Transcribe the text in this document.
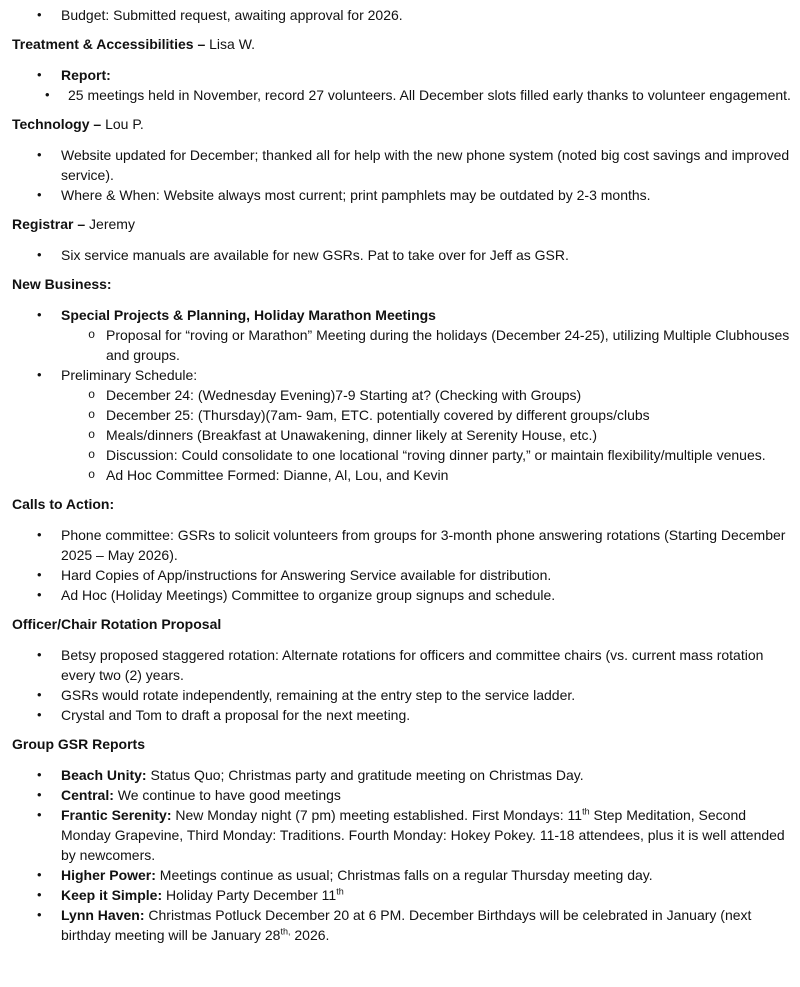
• Budget: Submitted request, awaiting approval for 2026.

Treatment & Accessibilities – Lisa W.

• Report:
• 25 meetings held in November, record 27 volunteers. All December slots filled early thanks to volunteer engagement.

Technology – Lou P.

• Website updated for December; thanked all for help with the new phone system (noted big cost savings and improved service).
• Where & When: Website always most current; print pamphlets may be outdated by 2-3 months.

Registrar – Jeremy

• Six service manuals are available for new GSRs. Pat to take over for Jeff as GSR.

New Business:

• Special Projects & Planning, Holiday Marathon Meetings
o Proposal for “roving or Marathon” Meeting during the holidays (December 24-25), utilizing Multiple Clubhouses and groups.
• Preliminary Schedule:
o December 24: (Wednesday Evening)7-9 Starting at? (Checking with Groups)
o December 25: (Thursday)(7am- 9am, ETC. potentially covered by different groups/clubs
o Meals/dinners (Breakfast at Unawakening, dinner likely at Serenity House, etc.)
o Discussion: Could consolidate to one locational “roving dinner party,” or maintain flexibility/multiple venues.
o Ad Hoc Committee Formed: Dianne, Al, Lou, and Kevin

Calls to Action:

• Phone committee: GSRs to solicit volunteers from groups for 3-month phone answering rotations (Starting December 2025 – May 2026).
• Hard Copies of App/instructions for Answering Service available for distribution.
• Ad Hoc (Holiday Meetings) Committee to organize group signups and schedule.

Officer/Chair Rotation Proposal

• Betsy proposed staggered rotation: Alternate rotations for officers and committee chairs (vs. current mass rotation every two (2) years.
• GSRs would rotate independently, remaining at the entry step to the service ladder.
• Crystal and Tom to draft a proposal for the next meeting.

Group GSR Reports

• Beach Unity: Status Quo; Christmas party and gratitude meeting on Christmas Day.
• Central: We continue to have good meetings
• Frantic Serenity: New Monday night (7 pm) meeting established. First Mondays: 11th Step Meditation, Second Monday Grapevine, Third Monday: Traditions. Fourth Monday: Hokey Pokey. 11-18 attendees, plus it is well attended by newcomers.
• Higher Power: Meetings continue as usual; Christmas falls on a regular Thursday meeting day.
• Keep it Simple: Holiday Party December 11th
• Lynn Haven: Christmas Potluck December 20 at 6 PM. December Birthdays will be celebrated in January (next birthday meeting will be January $28^{th,}$ 2026.
